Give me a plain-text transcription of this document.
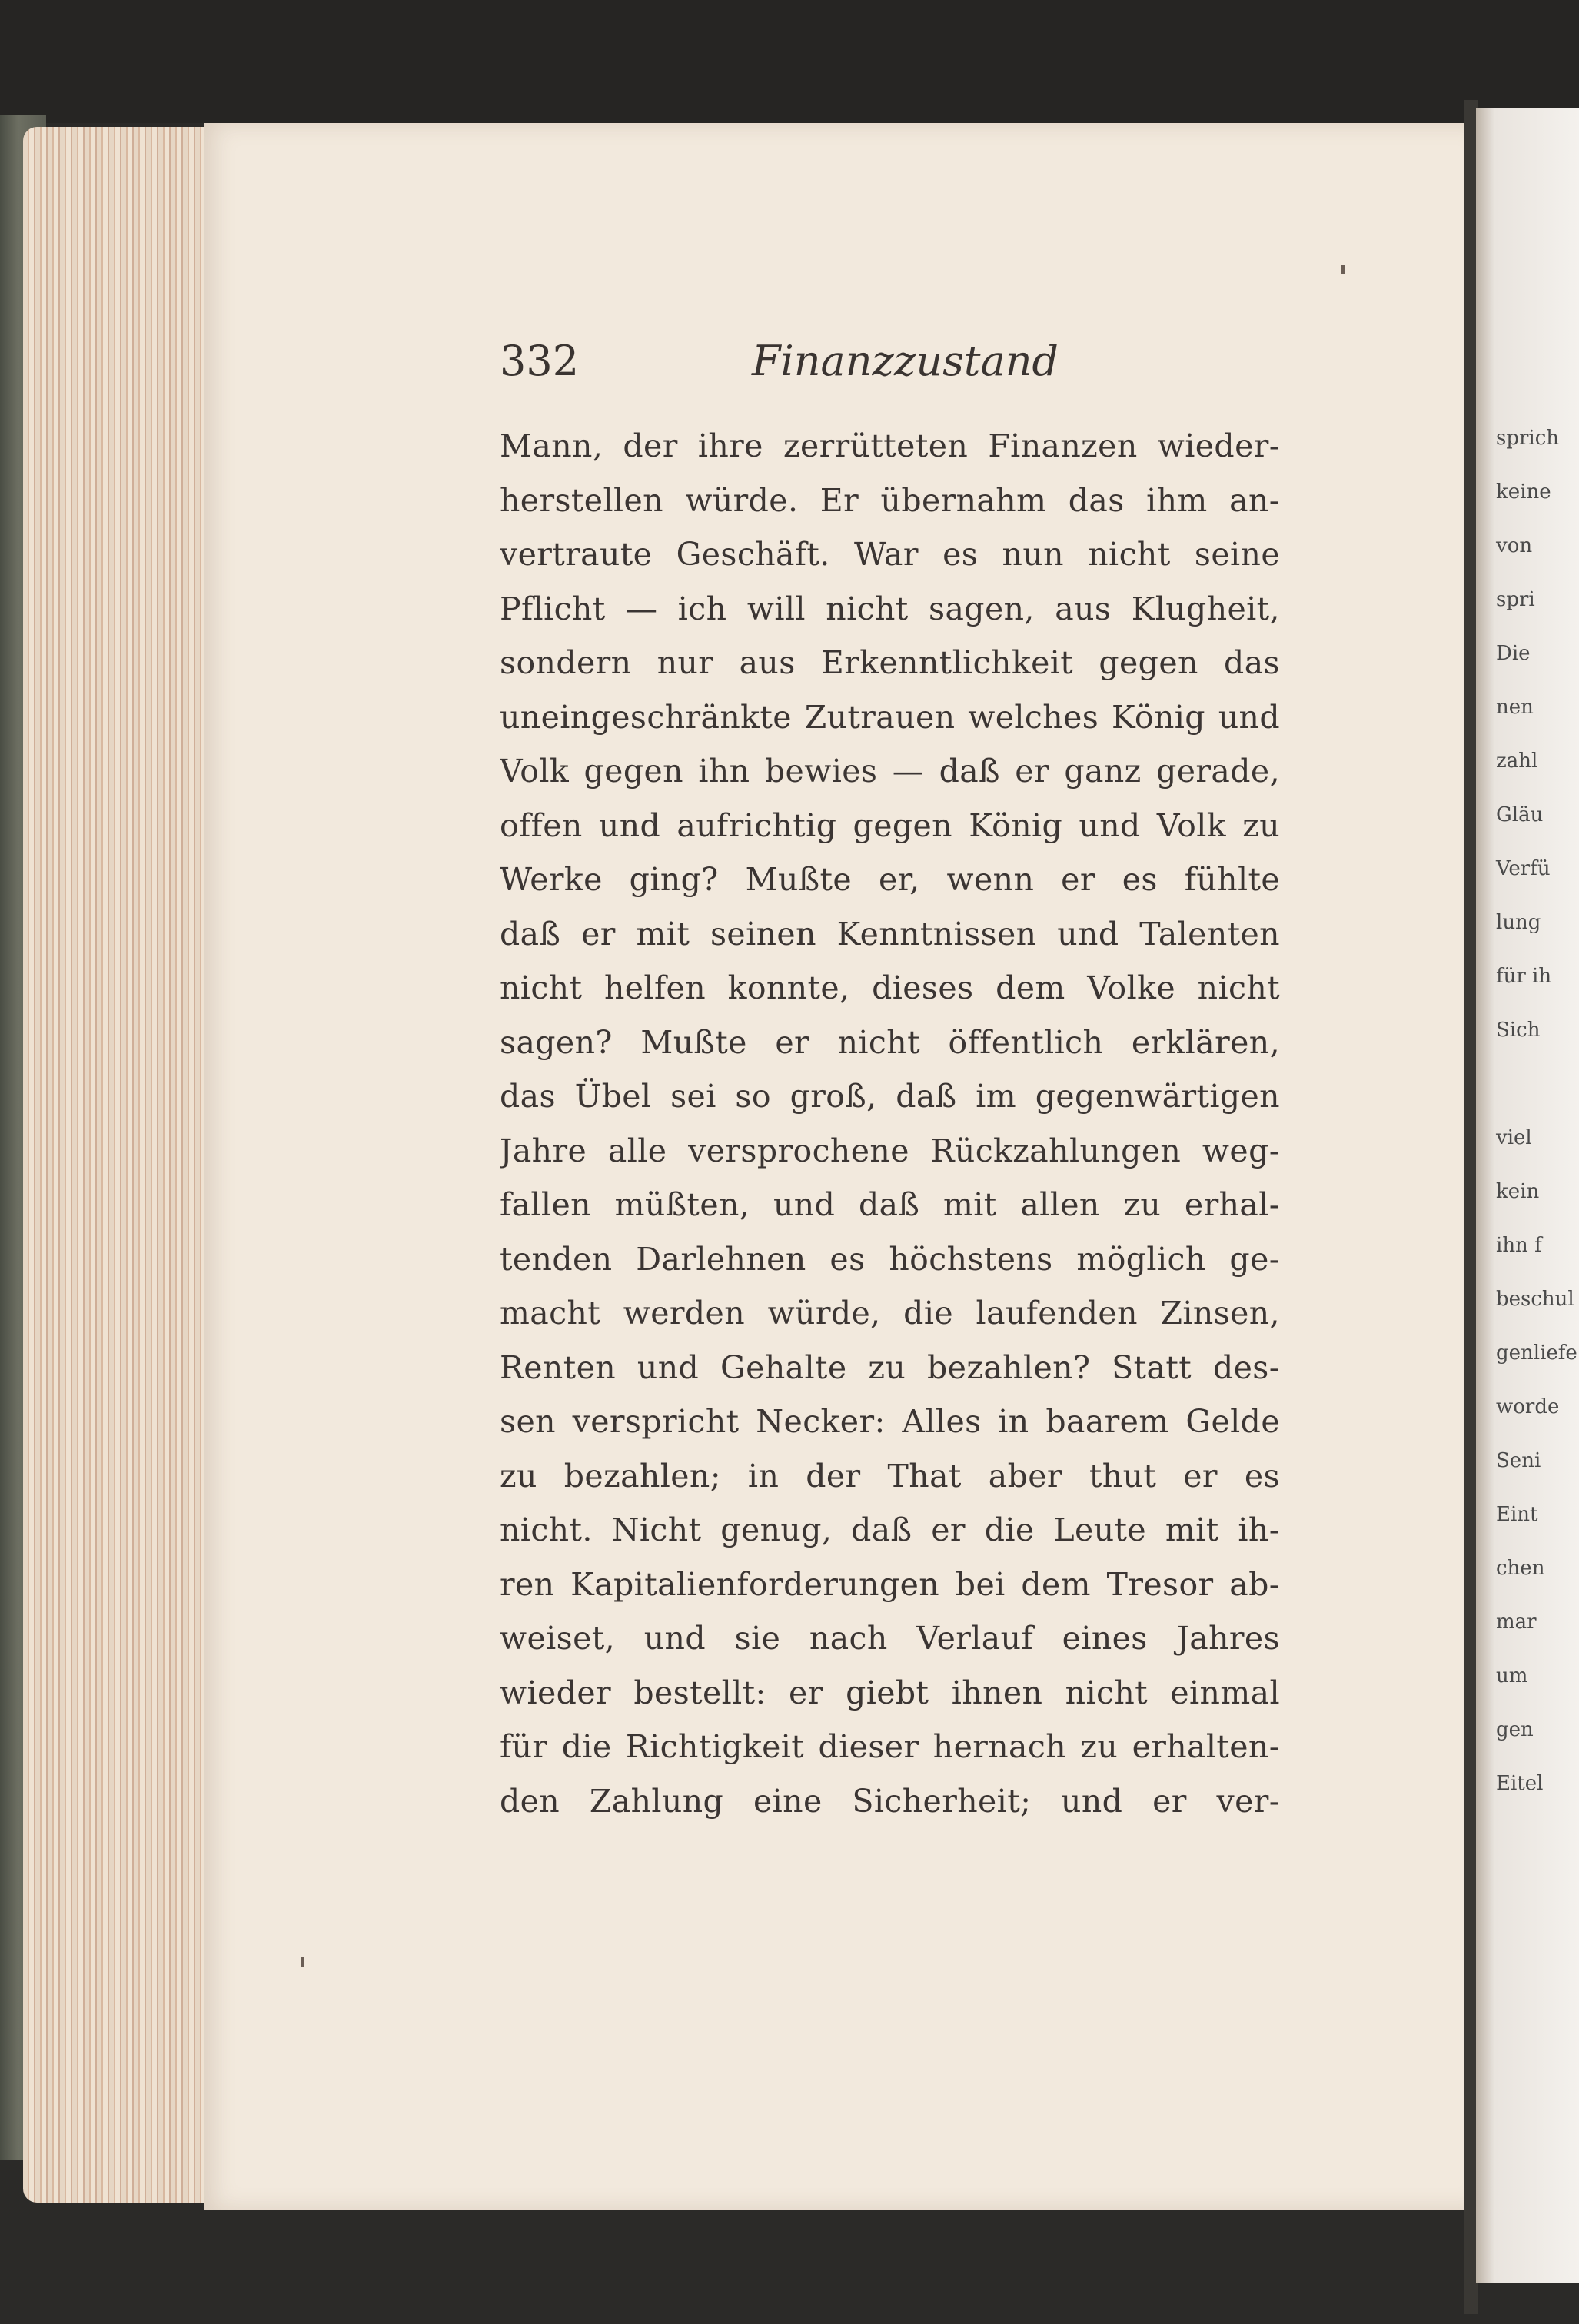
sprich
keine
von
spri
Die
nen
zahl
Gläu
Verfü
lung
für ih
Sich
viel
kein
ihn f
beschul
genliefe
worde
Seni
Eint
chen
mar
um
gen
Eitel
332	Finanzzustand
Mann, der ihre zerrütteten Finanzen wieder-
herstellen würde. Er übernahm das ihm an-
vertraute Geschäft. War es nun nicht seine
Pflicht — ich will nicht sagen, aus Klugheit,
sondern nur aus Erkenntlichkeit gegen das
uneingeschränkte Zutrauen welches König und
Volk gegen ihn bewies — daß er ganz gerade,
offen und aufrichtig gegen König und Volk zu
Werke ging? Mußte er, wenn er es fühlte
daß er mit seinen Kenntnissen und Talenten
nicht helfen konnte, dieses dem Volke nicht
sagen? Mußte er nicht öffentlich erklären,
das Übel sei so groß, daß im gegenwärtigen
Jahre alle versprochene Rückzahlungen weg-
fallen müßten, und daß mit allen zu erhal-
tenden Darlehnen es höchstens möglich ge-
macht werden würde, die laufenden Zinsen,
Renten und Gehalte zu bezahlen? Statt des-
sen verspricht Necker: Alles in baarem Gelde
zu bezahlen; in der That aber thut er es
nicht. Nicht genug, daß er die Leute mit ih-
ren Kapitalienforderungen bei dem Tresor ab-
weiset, und sie nach Verlauf eines Jahres
wieder bestellt: er giebt ihnen nicht einmal
für die Richtigkeit dieser hernach zu erhalten-
den Zahlung eine Sicherheit; und er ver-
